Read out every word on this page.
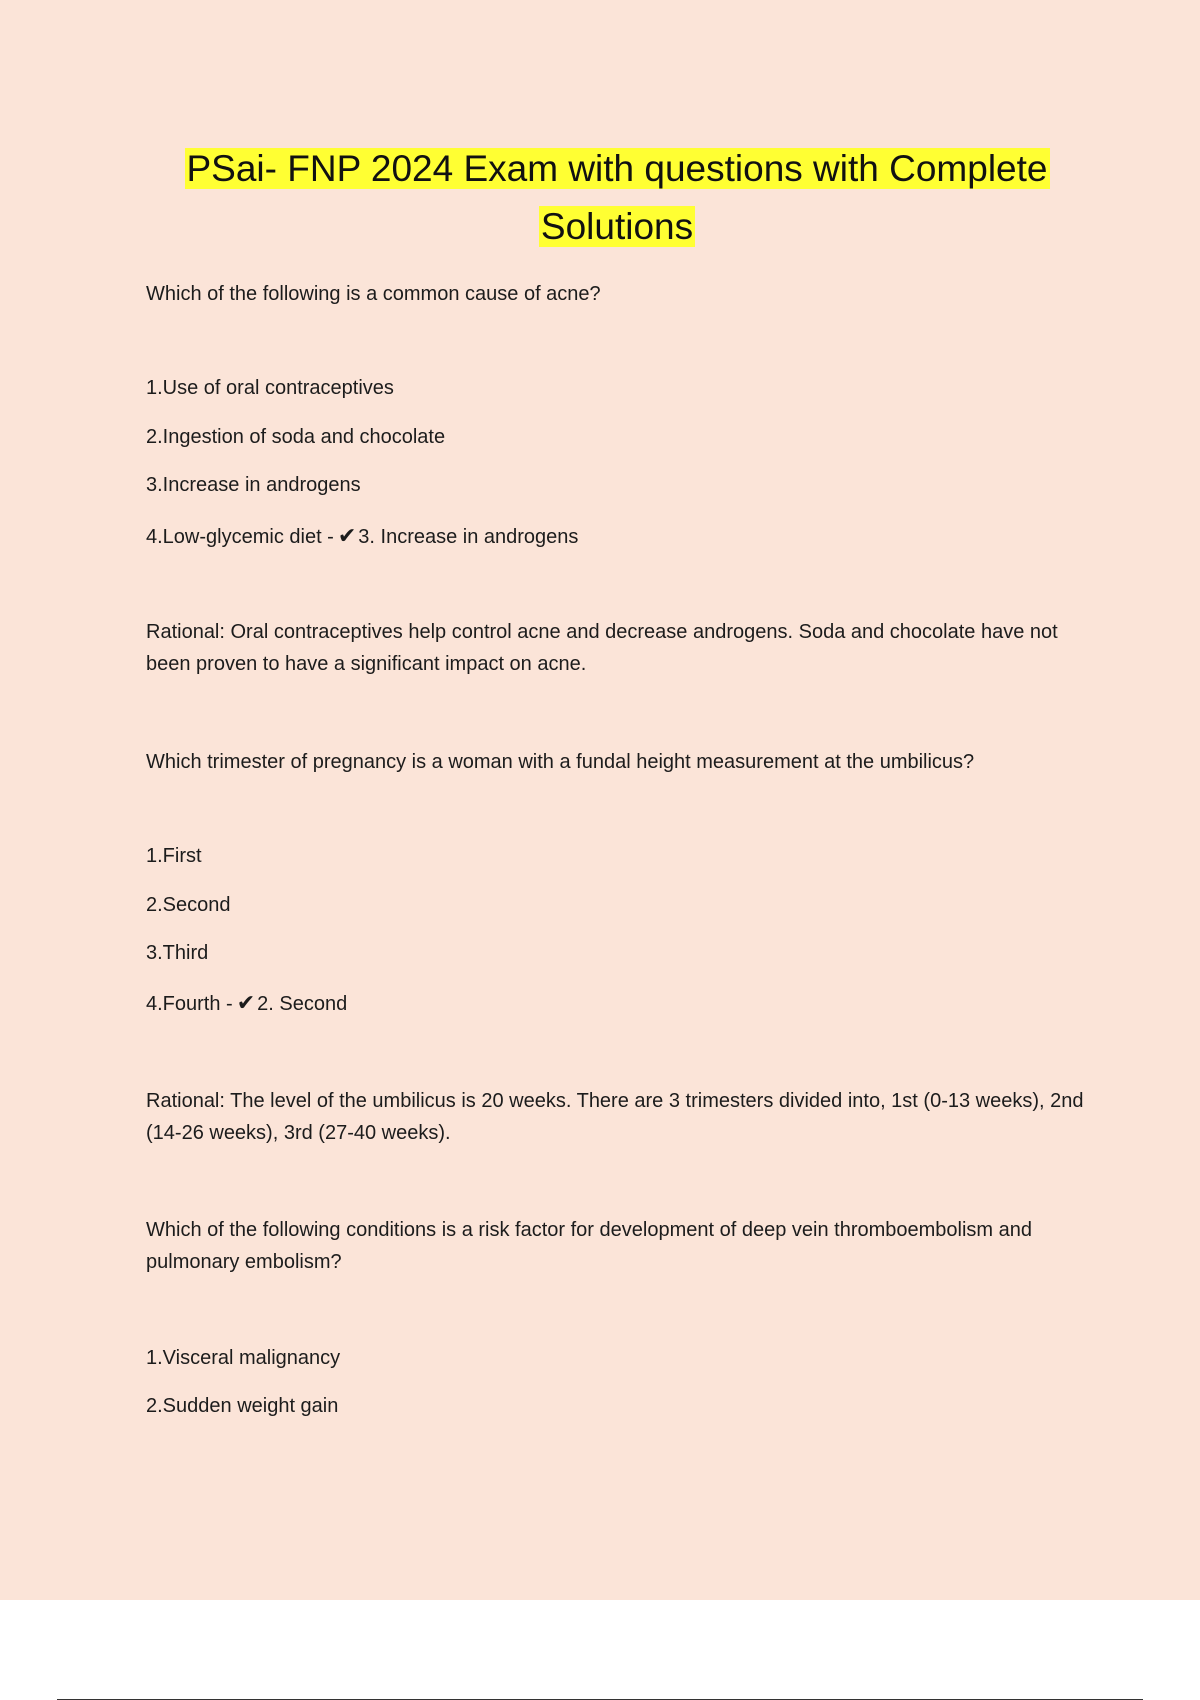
PSai- FNP 2024 Exam with questions with Complete
Solutions

Which of the following is a common cause of acne?

1.Use of oral contraceptives

2.Ingestion of soda and chocolate

3.Increase in androgens

4.Low-glycemic diet - ✔ 3. Increase in androgens

Rational: Oral contraceptives help control acne and decrease androgens. Soda and chocolate have not been proven to have a significant impact on acne.

Which trimester of pregnancy is a woman with a fundal height measurement at the umbilicus?

1.First

2.Second

3.Third

4.Fourth - ✔ 2. Second

Rational: The level of the umbilicus is 20 weeks. There are 3 trimesters divided into, 1st (0-13 weeks), 2nd (14-26 weeks), 3rd (27-40 weeks).

Which of the following conditions is a risk factor for development of deep vein thromboembolism and pulmonary embolism?

1.Visceral malignancy

2.Sudden weight gain
